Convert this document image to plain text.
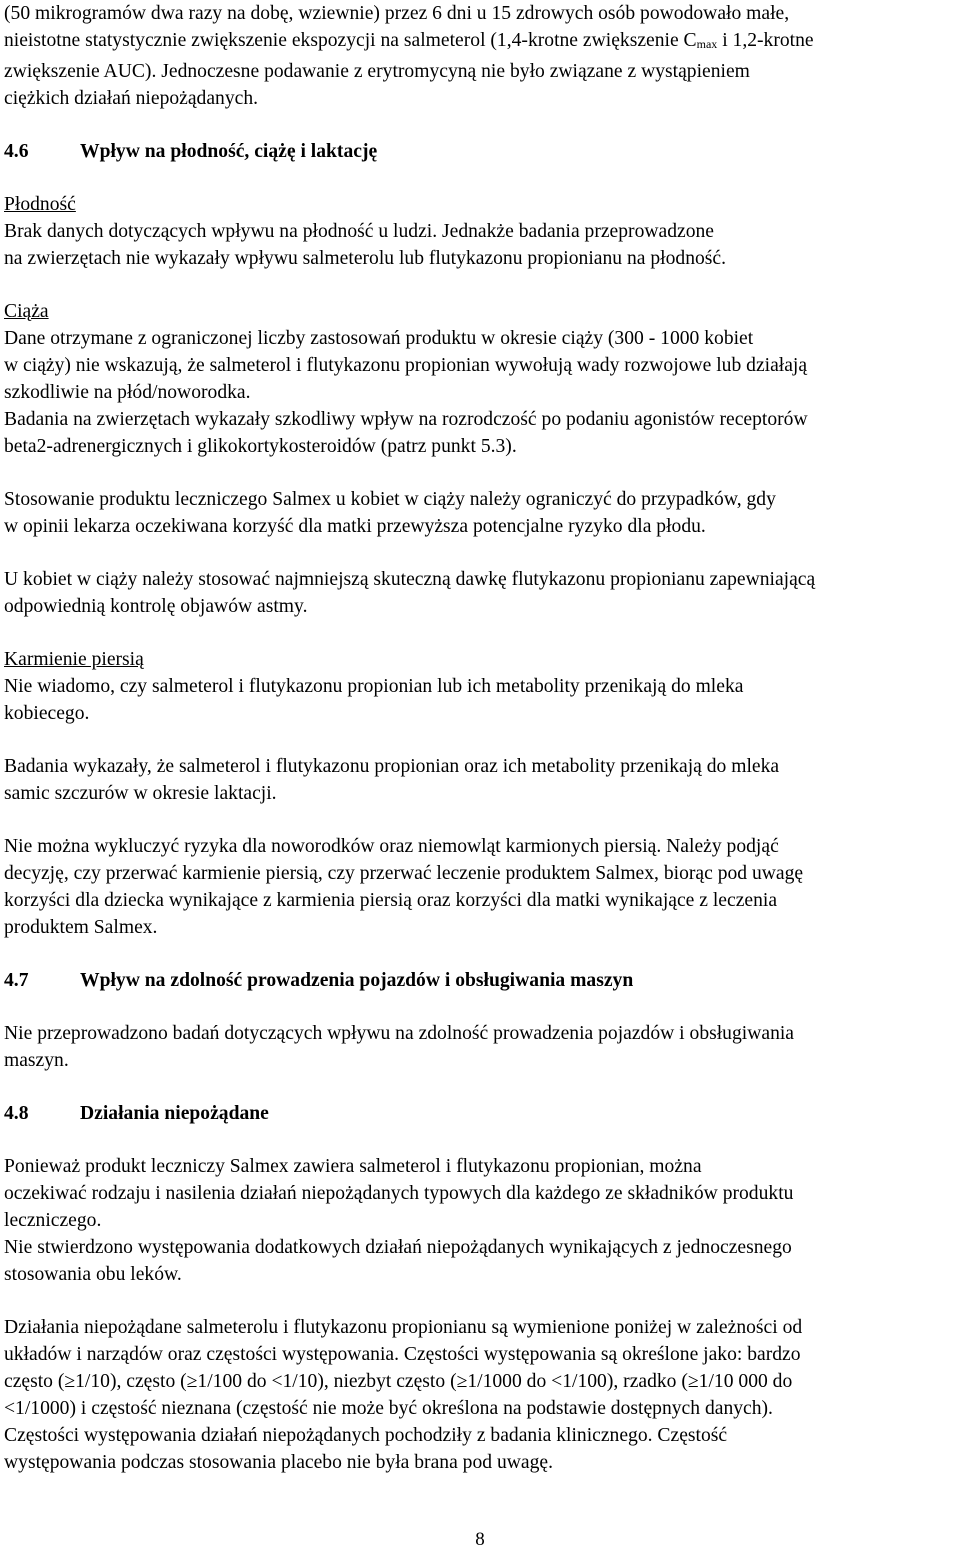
(50 mikrogramów dwa razy na dobę, wziewnie) przez 6 dni u 15 zdrowych osób powodowało małe,
nieistotne statystycznie zwiększenie ekspozycji na salmeterol (1,4-krotne zwiększenie $C_{max}$ i 1,2-krotne
zwiększenie AUC). Jednoczesne podawanie z erytromycyną nie było związane z wystąpieniem
ciężkich działań niepożądanych.
4.6	Wpływ na płodność, ciążę i laktację
Płodność
Brak danych dotyczących wpływu na płodność u ludzi. Jednakże badania przeprowadzone
na zwierzętach nie wykazały wpływu salmeterolu lub flutykazonu propionianu na płodność.
Ciąża
Dane otrzymane z ograniczonej liczby zastosowań produktu w okresie ciąży (300 - 1000 kobiet
w ciąży) nie wskazują, że salmeterol i flutykazonu propionian wywołują wady rozwojowe lub działają
szkodliwie na płód/noworodka.
Badania na zwierzętach wykazały szkodliwy wpływ na rozrodczość po podaniu agonistów receptorów
beta2-adrenergicznych i glikokortykosteroidów (patrz punkt 5.3).
Stosowanie produktu leczniczego Salmex u kobiet w ciąży należy ograniczyć do przypadków, gdy
w opinii lekarza oczekiwana korzyść dla matki przewyższa potencjalne ryzyko dla płodu.
U kobiet w ciąży należy stosować najmniejszą skuteczną dawkę flutykazonu propionianu zapewniającą
odpowiednią kontrolę objawów astmy.
Karmienie piersią
Nie wiadomo, czy salmeterol i flutykazonu propionian lub ich metabolity przenikają do mleka
kobiecego.
Badania wykazały, że salmeterol i flutykazonu propionian oraz ich metabolity przenikają do mleka
samic szczurów w okresie laktacji.
Nie można wykluczyć ryzyka dla noworodków oraz niemowląt karmionych piersią. Należy podjąć
decyzję, czy przerwać karmienie piersią, czy przerwać leczenie produktem Salmex, biorąc pod uwagę
korzyści dla dziecka wynikające z karmienia piersią oraz korzyści dla matki wynikające z leczenia
produktem Salmex.
4.7	Wpływ na zdolność prowadzenia pojazdów i obsługiwania maszyn
Nie przeprowadzono badań dotyczących wpływu na zdolność prowadzenia pojazdów i obsługiwania
maszyn.
4.8	Działania niepożądane
Ponieważ produkt leczniczy Salmex zawiera salmeterol i flutykazonu propionian, można
oczekiwać rodzaju i nasilenia działań niepożądanych typowych dla każdego ze składników produktu
leczniczego.
Nie stwierdzono występowania dodatkowych działań niepożądanych wynikających z jednoczesnego
stosowania obu leków.
Działania niepożądane salmeterolu i flutykazonu propionianu są wymienione poniżej w zależności od
układów i narządów oraz częstości występowania. Częstości występowania są określone jako: bardzo
często (≥1/10), często (≥1/100 do <1/10), niezbyt często (≥1/1000 do <1/100), rzadko (≥1/10 000 do
<1/1000) i częstość nieznana (częstość nie może być określona na podstawie dostępnych danych).
Częstości występowania działań niepożądanych pochodziły z badania klinicznego. Częstość
występowania podczas stosowania placebo nie była brana pod uwagę.
8
